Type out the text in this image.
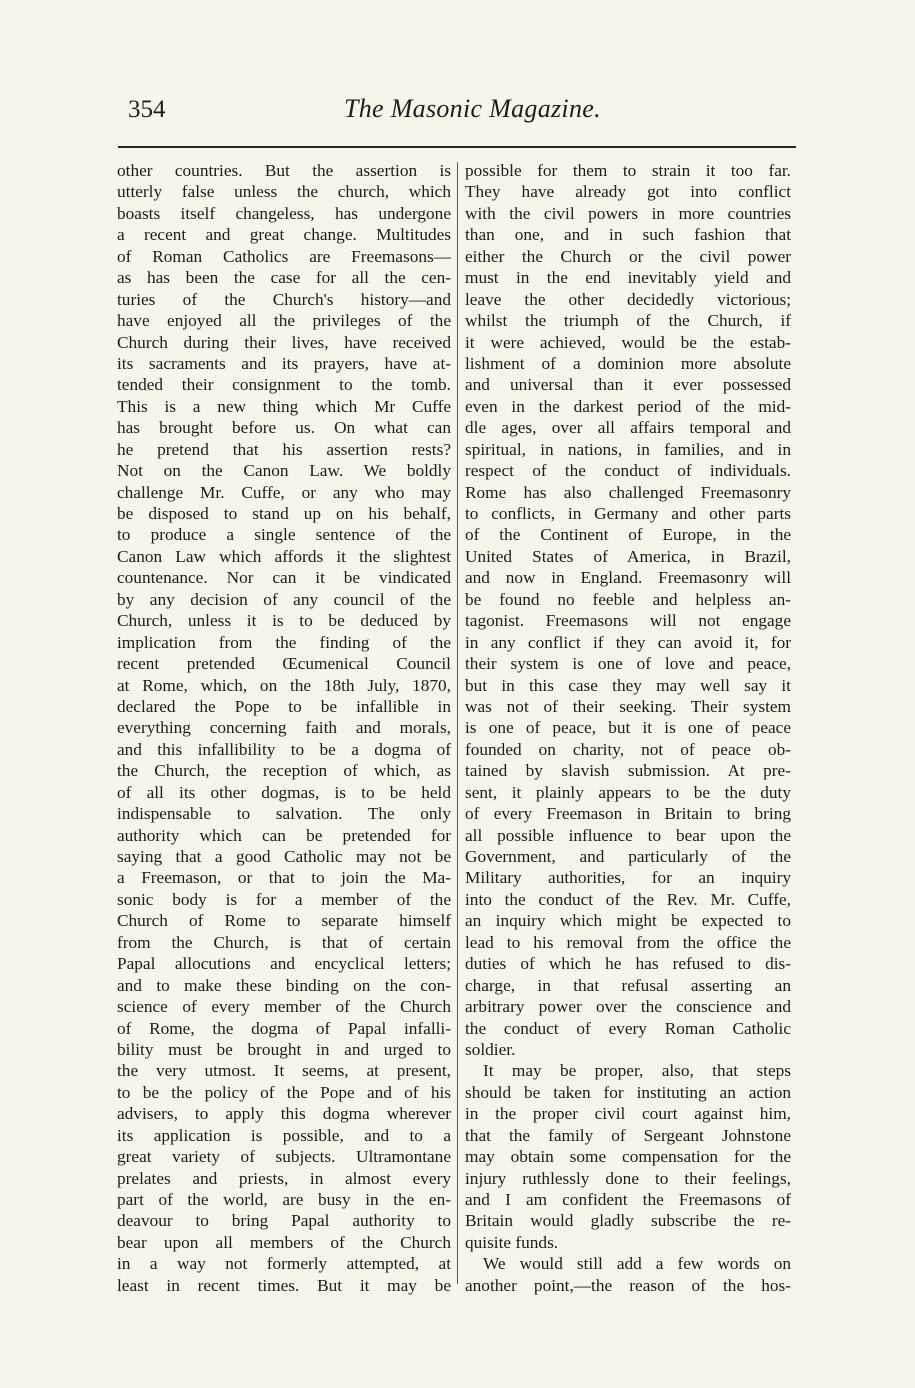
354	The Masonic Magazine.
other countries. But the assertion is
utterly false unless the church, which
boasts itself changeless, has undergone
a recent and great change. Multitudes
of Roman Catholics are Freemasons—
as has been the case for all the cen-
turies of the Church's history—and
have enjoyed all the privileges of the
Church during their lives, have received
its sacraments and its prayers, have at-
tended their consignment to the tomb.
This is a new thing which Mr Cuffe
has brought before us. On what can
he pretend that his assertion rests?
Not on the Canon Law. We boldly
challenge Mr. Cuffe, or any who may
be disposed to stand up on his behalf,
to produce a single sentence of the
Canon Law which affords it the slightest
countenance. Nor can it be vindicated
by any decision of any council of the
Church, unless it is to be deduced by
implication from the finding of the
recent pretended Œcumenical Council
at Rome, which, on the 18th July, 1870,
declared the Pope to be infallible in
everything concerning faith and morals,
and this infallibility to be a dogma of
the Church, the reception of which, as
of all its other dogmas, is to be held
indispensable to salvation. The only
authority which can be pretended for
saying that a good Catholic may not be
a Freemason, or that to join the Ma-
sonic body is for a member of the
Church of Rome to separate himself
from the Church, is that of certain
Papal allocutions and encyclical letters;
and to make these binding on the con-
science of every member of the Church
of Rome, the dogma of Papal infalli-
bility must be brought in and urged to
the very utmost. It seems, at present,
to be the policy of the Pope and of his
advisers, to apply this dogma wherever
its application is possible, and to a
great variety of subjects. Ultramontane
prelates and priests, in almost every
part of the world, are busy in the en-
deavour to bring Papal authority to
bear upon all members of the Church
in a way not formerly attempted, at
least in recent times. But it may be
possible for them to strain it too far.
They have already got into conflict
with the civil powers in more countries
than one, and in such fashion that
either the Church or the civil power
must in the end inevitably yield and
leave the other decidedly victorious;
whilst the triumph of the Church, if
it were achieved, would be the estab-
lishment of a dominion more absolute
and universal than it ever possessed
even in the darkest period of the mid-
dle ages, over all affairs temporal and
spiritual, in nations, in families, and in
respect of the conduct of individuals.
Rome has also challenged Freemasonry
to conflicts, in Germany and other parts
of the Continent of Europe, in the
United States of America, in Brazil,
and now in England. Freemasonry will
be found no feeble and helpless an-
tagonist. Freemasons will not engage
in any conflict if they can avoid it, for
their system is one of love and peace,
but in this case they may well say it
was not of their seeking. Their system
is one of peace, but it is one of peace
founded on charity, not of peace ob-
tained by slavish submission. At pre-
sent, it plainly appears to be the duty
of every Freemason in Britain to bring
all possible influence to bear upon the
Government, and particularly of the
Military authorities, for an inquiry
into the conduct of the Rev. Mr. Cuffe,
an inquiry which might be expected to
lead to his removal from the office the
duties of which he has refused to dis-
charge, in that refusal asserting an
arbitrary power over the conscience and
the conduct of every Roman Catholic
soldier.
It may be proper, also, that steps
should be taken for instituting an action
in the proper civil court against him,
that the family of Sergeant Johnstone
may obtain some compensation for the
injury ruthlessly done to their feelings,
and I am confident the Freemasons of
Britain would gladly subscribe the re-
quisite funds.
We would still add a few words on
another point,—the reason of the hos-
